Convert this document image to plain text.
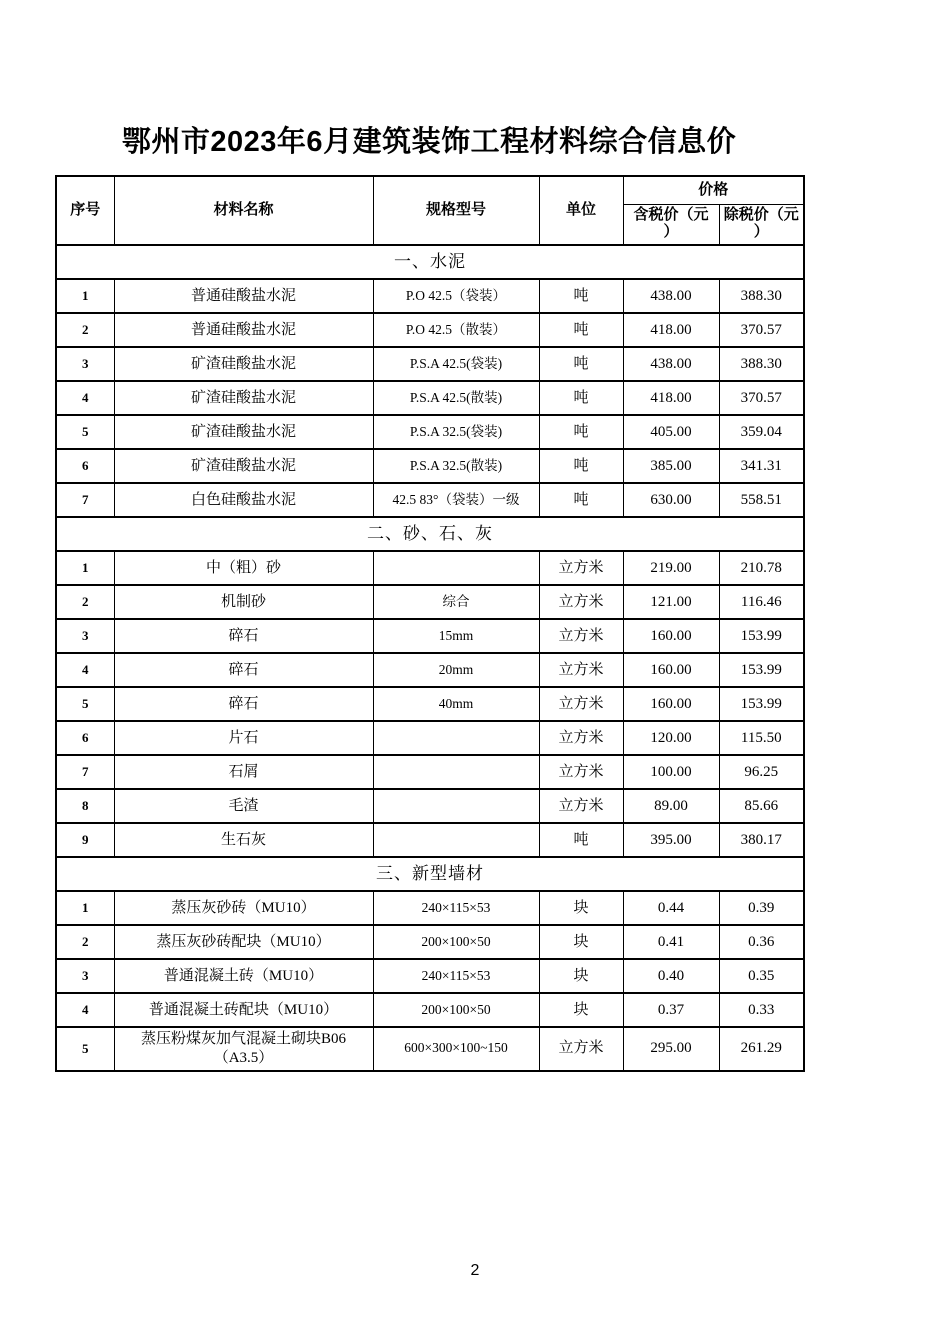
鄂州市2023年6月建筑装饰工程材料综合信息价
序号	材料名称	规格型号	单位	价格	
				含税价（元）	除税价（元）
一、水泥					
1	普通硅酸盐水泥	P.O 42.5（袋装）	吨	438.00	388.30
2	普通硅酸盐水泥	P.O 42.5（散装）	吨	418.00	370.57
3	矿渣硅酸盐水泥	P.S.A 42.5(袋装)	吨	438.00	388.30
4	矿渣硅酸盐水泥	P.S.A 42.5(散装)	吨	418.00	370.57
5	矿渣硅酸盐水泥	P.S.A 32.5(袋装)	吨	405.00	359.04
6	矿渣硅酸盐水泥	P.S.A 32.5(散装)	吨	385.00	341.31
7	白色硅酸盐水泥	42.5 83°（袋装）一级	吨	630.00	558.51
二、砂、石、灰					
1	中（粗）砂		立方米	219.00	210.78
2	机制砂	综合	立方米	121.00	116.46
3	碎石	15mm	立方米	160.00	153.99
4	碎石	20mm	立方米	160.00	153.99
5	碎石	40mm	立方米	160.00	153.99
6	片石		立方米	120.00	115.50
7	石屑		立方米	100.00	96.25
8	毛渣		立方米	89.00	85.66
9	生石灰		吨	395.00	380.17
三、新型墙材					
1	蒸压灰砂砖（MU10）	240×115×53	块	0.44	0.39
2	蒸压灰砂砖配块（MU10）	200×100×50	块	0.41	0.36
3	普通混凝土砖（MU10）	240×115×53	块	0.40	0.35
4	普通混凝土砖配块（MU10）	200×100×50	块	0.37	0.33
5	蒸压粉煤灰加气混凝土砌块B06（A3.5）	600×300×100~150	立方米	295.00	261.29
2
